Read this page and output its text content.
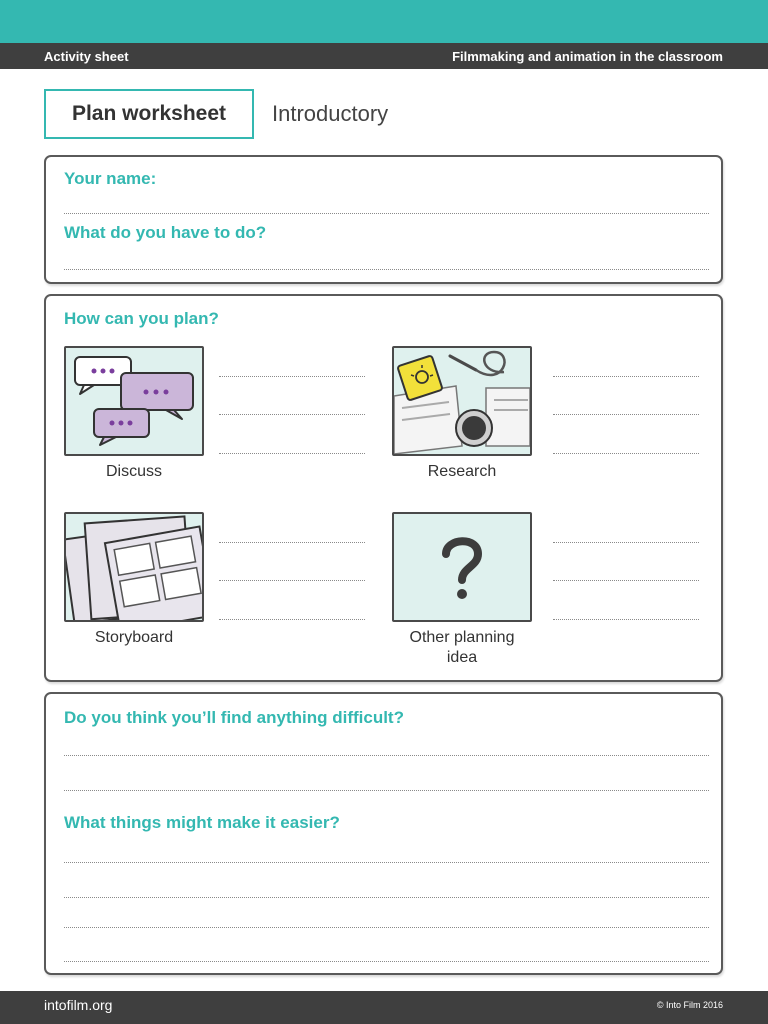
Activity sheet	Filmmaking and animation in the classroom
Plan worksheet	Introductory
Your name:
What do you have to do?
How can you plan?
Discuss	Research
Storyboard	Other planning
idea
Do you think you’ll find anything difficult?
What things might make it easier?
intofilm.org	© Into Film 2016
